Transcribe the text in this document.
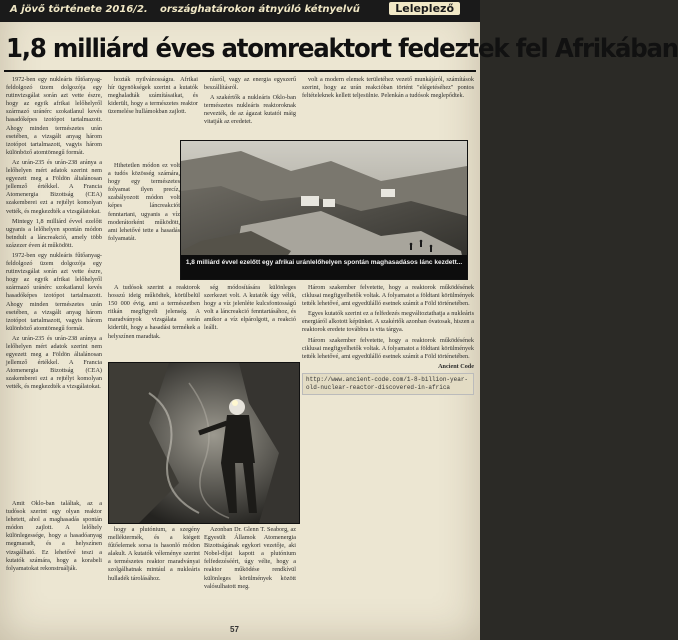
A jövő története 2016/2. országhatárokon átnyúló kétnyelvű	Leleplező
1,8 milliárd éves atomreaktort fedeztek fel Afrikában

1972-ben egy nukleáris fűtőanyag-feldolgozó üzem dolgozója egy rutinvizsgálat során azt vette észre, hogy az egyik afrikai lelőhelyről származó uránérc szokatlanul kevés hasadóképes izotópot tartalmazott. Ahogy minden természetes urán esetében, a vizsgált anyag három izotópot tartalmazott, vagyis három különböző atomtömegű formát.

Az urán-235 és urán-238 aránya a lelőhelyen mért adatok szerint nem egyezett meg a Földön általánosan jellemző értékkel. A Francia Atomenergia Bizottság (CEA) szakemberei ezt a rejtélyt komolyan vették, és megkezdték a vizsgálatokat.

Mintegy 1,8 milliárd évvel ezelőtt ugyanis a lelőhelyen spontán módon beindult a láncreakció, amely több százezer éven át működött.

1972-ben egy nukleáris fűtőanyag-feldolgozó üzem dolgozója egy rutinvizsgálat során azt vette észre, hogy az egyik afrikai lelőhelyről származó uránérc szokatlanul kevés hasadóképes izotópot tartalmazott. Ahogy minden természetes urán esetében, a vizsgált anyag három izotópot tartalmazott, vagyis három különböző atomtömegű formát.

Az urán-235 és urán-238 aránya a lelőhelyen mért adatok szerint nem egyezett meg a Földön általánosan jellemző értékkel. A Francia Atomenergia Bizottság (CEA) szakemberei ezt a rejtélyt komolyan vették, és megkezdték a vizsgálatokat.

hozták nyilvánosságra. Afrikai hír ügynökségek szerint a kutatók meghaladták számításaikat, és kiderült, hogy a természetes reaktor üzemelése hullámokban zajlott.

rásról, vagy az energia egyszerű beszállításról.

A szakértők a nukleáris Oklo-ban természetes nukleáris reaktoroknak nevezték, de az ágazat kutatói máig vitatják az eredetet.

volt a modern elemek területéhez vezető munkájáról, számítások szerint, hogy az urán reakcióban történt "elégetéséhez" pontos feltételeknek kellett teljesülnie. Pelenkán a tudósok meglepődtek.

Hihetetlen módon ez volt a tudós közösség számára, hogy egy természetes folyamat ilyen precíz, szabályozott módon volt képes láncreakciót fenntartani, ugyanis a víz moderátorként működött, ami lehetővé tette a hasadás folyamatát.

1,8 milliárd évvel ezelőtt egy afrikai uránlelőhelyen spontán maghasadásos lánc kezdett...

A tudósok szerint a reaktorok hosszú ideig működtek, körülbelül 150 000 évig, ami a természetben ritkán megfigyelt jelenség. A maradványok vizsgálata során kiderült, hogy a hasadási termékek a helyszínen maradtak.

ség módosítására különleges szerkezet volt. A kutatók úgy vélik, hogy a víz jelenléte kulcsfontosságú volt a láncreakció fenntartásához, és amikor a víz elpárolgott, a reakció leállt.

Három szakember felvetette, hogy a reaktorok működésének ciklusai megfigyelhetők voltak. A folyamatot a földtani körülmények tették lehetővé, ami egyedülálló esetnek számít a Föld történetében.

Egyes kutatók szerint ez a felfedezés megváltoztathatja a nukleáris energiáról alkotott képünket. A szakértők azonban óvatosak, hiszen a reaktorok eredete továbbra is vita tárgya.

Három szakember felvetette, hogy a reaktorok működésének ciklusai megfigyelhetők voltak. A folyamatot a földtani körülmények tették lehetővé, ami egyedülálló esetnek számít a Föld történetében.

Ancient Code

http://www.ancient-code.com/1-8-billion-year-old-nuclear-reactor-discovered-in-africa

Amit Oklo-ban találtak, az a tudósok szerint egy olyan reaktor lehetett, ahol a maghasadás spontán módon zajlott. A lelőhely különlegessége, hogy a hasadóanyag megmaradt, és a helyszínen vizsgálható. Ez lehetővé teszi a kutatók számára, hogy a korabeli folyamatokat rekonstruálják.

hogy a plutónium, a szegény melléktermék, és a kiégett fűtőelemek sorsa is hasonló módon alakult. A kutatók véleménye szerint a természetes reaktor maradványai szolgálhatnak mintául a nukleáris hulladék tárolásához.

Azonban Dr. Glenn T. Seaborg, az Egyesült Államok Atomenergia Bizottságának egykori vezetője, aki Nobel-díjat kapott a plutónium felfedezéséért, úgy vélte, hogy a reaktor működése rendkívül különleges körülmények között valósulhatott meg.

57
